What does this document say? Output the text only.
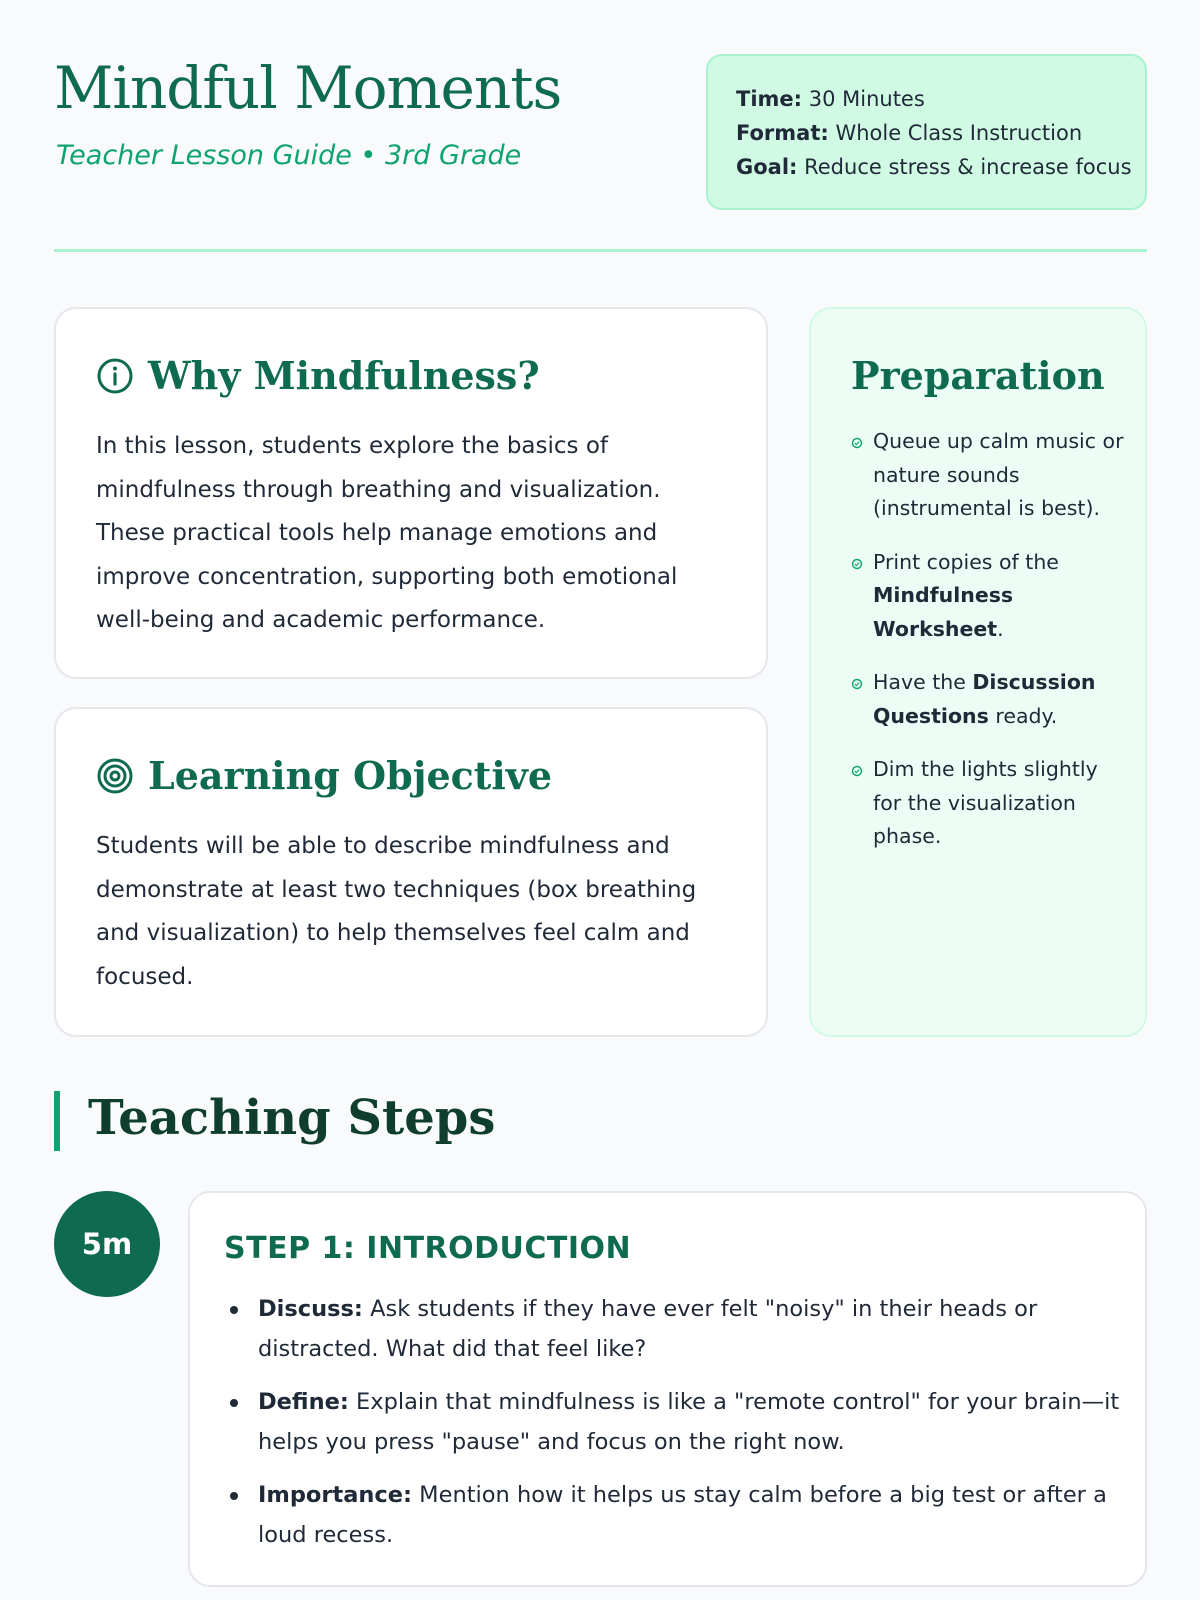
Mindful Moments
Teacher Lesson Guide • 3rd Grade
Time: 30 Minutes
Format: Whole Class Instruction
Goal: Reduce stress & increase focus
Why Mindfulness?

In this lesson, students explore the basics of mindfulness through breathing and visualization. These practical tools help manage emotions and improve concentration, supporting both emotional well-being and academic performance.

Learning Objective

Students will be able to describe mindfulness and demonstrate at least two techniques (box breathing and visualization) to help themselves feel calm and focused.

Preparation
Queue up calm music or nature sounds (instrumental is best).
Print copies of the Mindfulness Worksheet.
Have the Discussion Questions ready.
Dim the lights slightly for the visualization phase.
Teaching Steps
5m	STEP 1: INTRODUCTION
Discuss: Ask students if they have ever felt "noisy" in their heads or distracted. What did that feel like?
Define: Explain that mindfulness is like a "remote control" for your brain—it helps you press "pause" and focus on the right now.
Importance: Mention how it helps us stay calm before a big test or after a loud recess.
